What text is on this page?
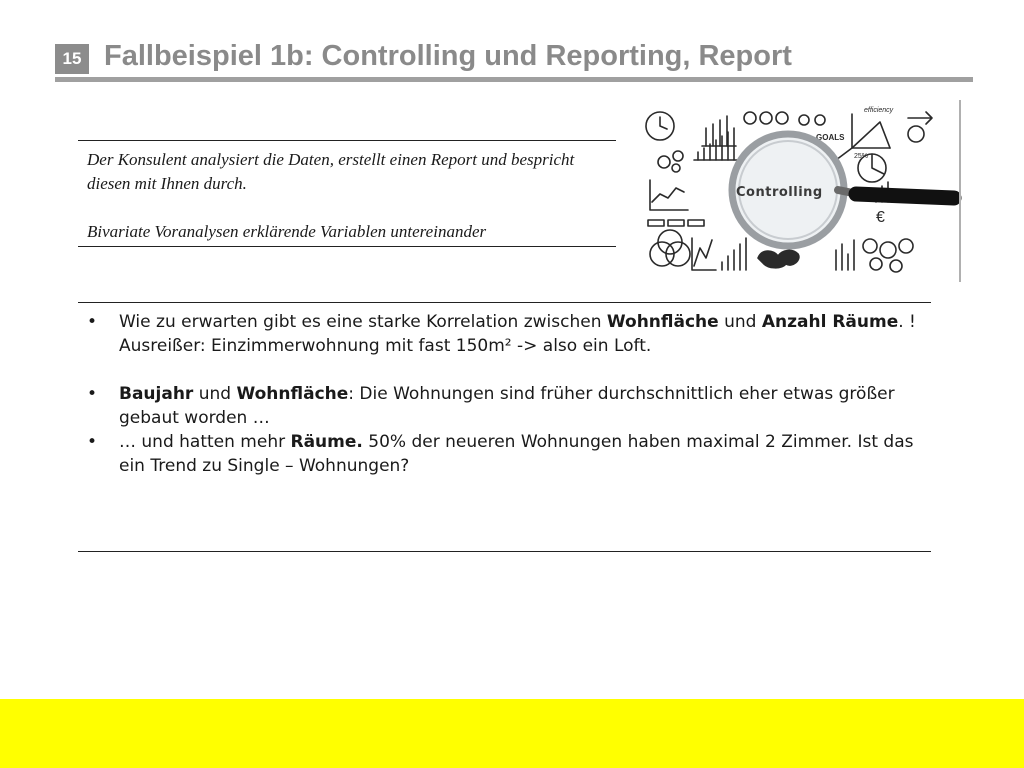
15 Fallbeispiel 1b: Controlling und Reporting, Report

Der Konsulent analysiert die Daten, erstellt einen Report und bespricht diesen mit Ihnen durch.

Bivariate Voranalysen erklärende Variablen untereinander

GOALS
efficiency
25%
€
Controlling
• Wie zu erwarten gibt es eine starke Korrelation zwischen Wohnfläche und Anzahl Räume. ! Ausreißer: Einzimmerwohnung mit fast 150m² -> also ein Loft.
• Baujahr und Wohnfläche: Die Wohnungen sind früher durchschnittlich eher etwas größer gebaut worden …
• … und hatten mehr Räume. 50% der neueren Wohnungen haben maximal 2 Zimmer. Ist das ein Trend zu Single – Wohnungen?
